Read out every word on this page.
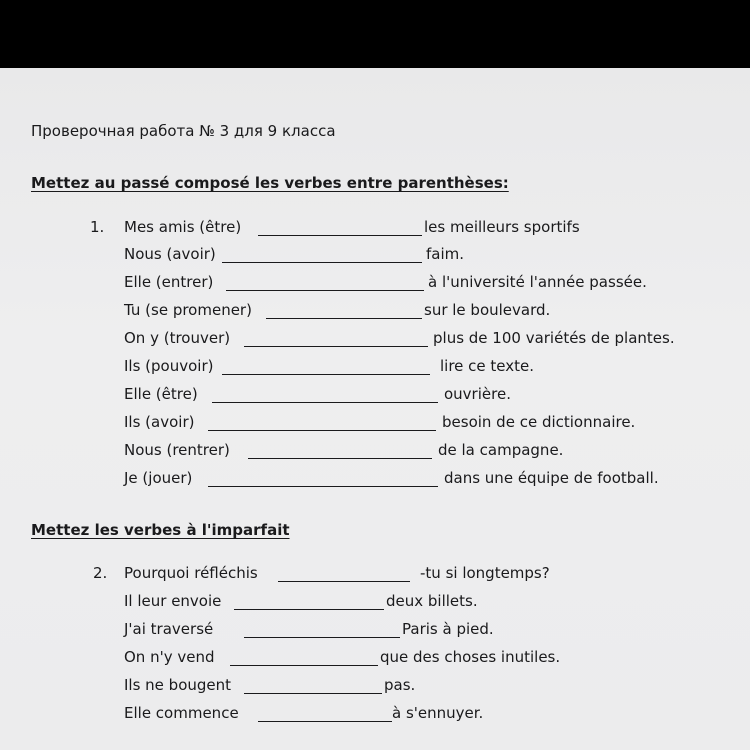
Проверочная работа № 3 для 9 класса
Mettez au passé composé les verbes entre parenthèses:
1. Mes amis (être)	les meilleurs sportifs
Nous (avoir)	faim.
Elle (entrer)	à l'université l'année passée.
Tu (se promener)	sur le boulevard.
On y (trouver)	plus de 100 variétés de plantes.
Ils (pouvoir)	lire ce texte.
Elle (être)	ouvrière.
Ils (avoir)	besoin de ce dictionnaire.
Nous (rentrer)	de la campagne.
Je (jouer)	dans une équipe de football.
Mettez les verbes à l'imparfait
2. Pourquoi réfléchis	-tu si longtemps?
Il leur envoie	deux billets.
J'ai traversé	Paris à pied.
On n'y vend	que des choses inutiles.
Ils ne bougent	pas.
Elle commence	à s'ennuyer.
